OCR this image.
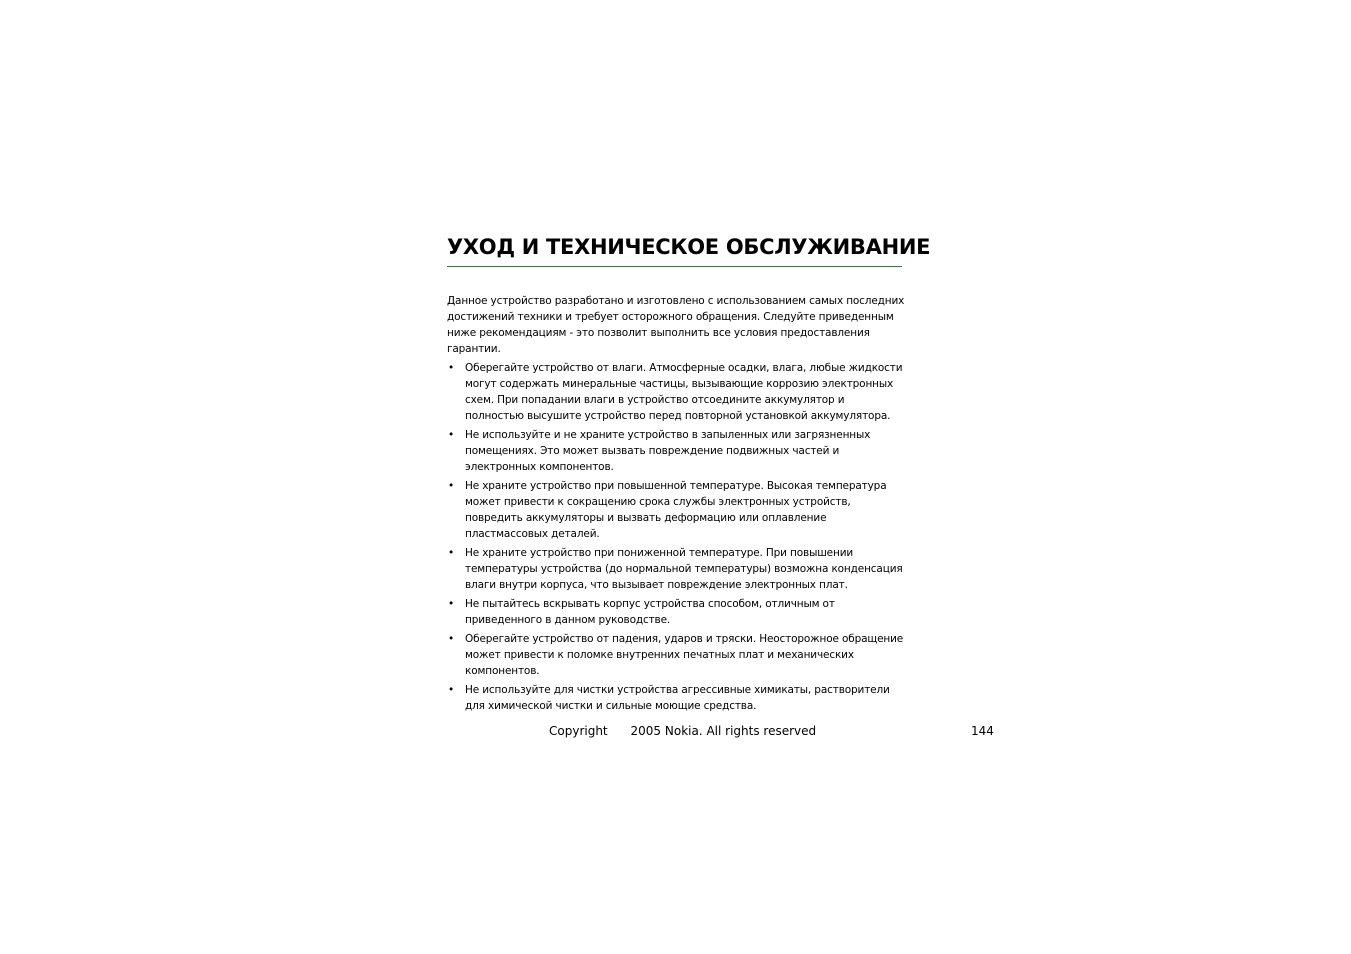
УХОД И ТЕХНИЧЕСКОЕ ОБСЛУЖИВАНИЕ

Данное устройство разработано и изготовлено с использованием самых последних достижений техники и требует осторожного обращения. Следуйте приведенным ниже рекомендациям - это позволит выполнить все условия предоставления гарантии.

• Оберегайте устройство от влаги. Атмосферные осадки, влага, любые жидкости могут содержать минеральные частицы, вызывающие коррозию электронных схем. При попадании влаги в устройство отсоедините аккумулятор и полностью высушите устройство перед повторной установкой аккумулятора.
• Не используйте и не храните устройство в запыленных или загрязненных помещениях. Это может вызвать повреждение подвижных частей и электронных компонентов.
• Не храните устройство при повышенной температуре. Высокая температура может привести к сокращению срока службы электронных устройств, повредить аккумуляторы и вызвать деформацию или оплавление пластмассовых деталей.
• Не храните устройство при пониженной температуре. При повышении температуры устройства (до нормальной температуры) возможна конденсация влаги внутри корпуса, что вызывает повреждение электронных плат.
• Не пытайтесь вскрывать корпус устройства способом, отличным от приведенного в данном руководстве.
• Оберегайте устройство от падения, ударов и тряски. Неосторожное обращение может привести к поломке внутренних печатных плат и механических компонентов.
• Не используйте для чистки устройства агрессивные химикаты, растворители для химической чистки и сильные моющие средства.
Copyright      2005 Nokia. All rights reserved	144
